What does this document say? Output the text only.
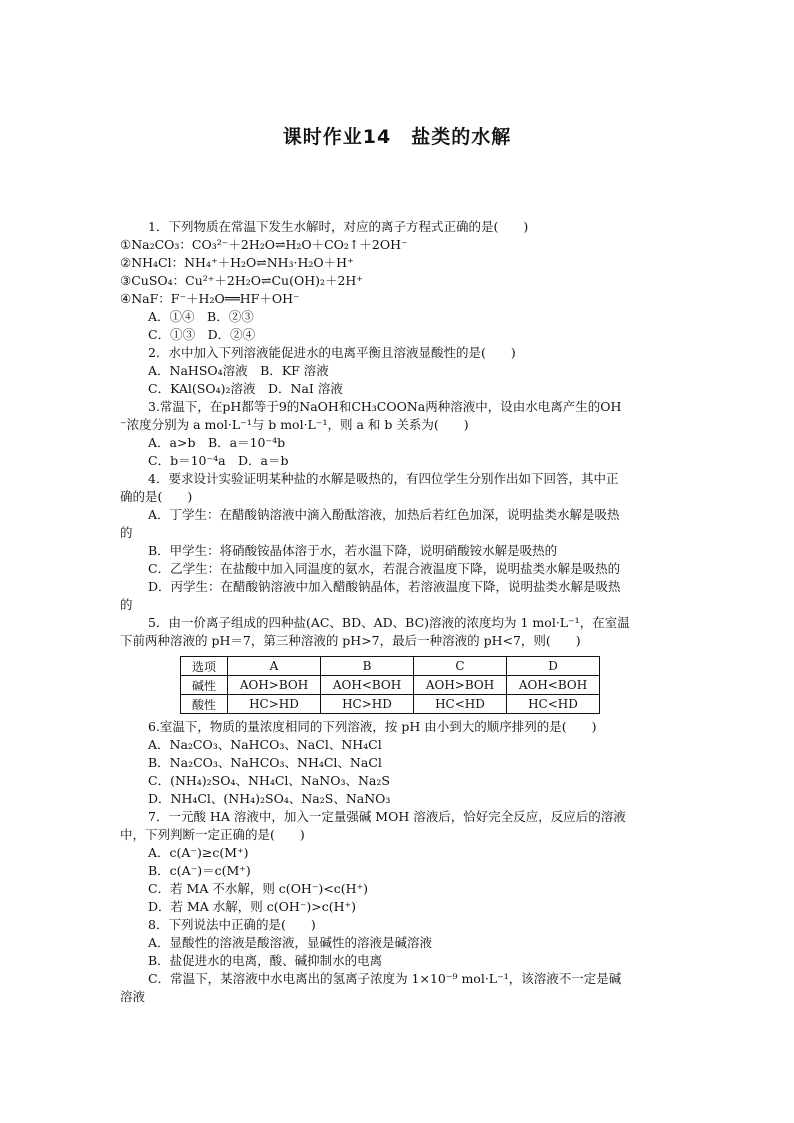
课时作业14　盐类的水解
1．下列物质在常温下发生水解时，对应的离子方程式正确的是(　　)
①Na₂CO₃：CO₃²⁻＋2H₂O⇌H₂O＋CO₂↑＋2OH⁻
②NH₄Cl：NH₄⁺＋H₂O⇌NH₃·H₂O＋H⁺
③CuSO₄：Cu²⁺＋2H₂O⇌Cu(OH)₂＋2H⁺
④NaF：F⁻＋H₂O══HF＋OH⁻
A．①④　B．②③
C．①③　D．②④
2．水中加入下列溶液能促进水的电离平衡且溶液显酸性的是(　　)
A．NaHSO₄溶液　B．KF 溶液
C．KAl(SO₄)₂溶液　D．NaI 溶液
3.常温下，在pH都等于9的NaOH和CH₃COONa两种溶液中，设由水电离产生的OH
⁻浓度分别为 a mol·L⁻¹与 b mol·L⁻¹，则 a 和 b 关系为(　　)
A．a>b　B．a＝10⁻⁴b
C．b＝10⁻⁴a　D．a＝b
4．要求设计实验证明某种盐的水解是吸热的，有四位学生分别作出如下回答，其中正
确的是(　　)
A．丁学生：在醋酸钠溶液中滴入酚酞溶液，加热后若红色加深，说明盐类水解是吸热
的
B．甲学生：将硝酸铵晶体溶于水，若水温下降，说明硝酸铵水解是吸热的
C．乙学生：在盐酸中加入同温度的氨水，若混合液温度下降，说明盐类水解是吸热的
D．丙学生：在醋酸钠溶液中加入醋酸钠晶体，若溶液温度下降，说明盐类水解是吸热
的
5．由一价离子组成的四种盐(AC、BD、AD、BC)溶液的浓度均为 1 mol·L⁻¹，在室温
下前两种溶液的 pH＝7，第三种溶液的 pH>7，最后一种溶液的 pH<7，则(　　)
选项	A	B	C	D
碱性	AOH>BOH	AOH<BOH	AOH>BOH	AOH<BOH
酸性	HC>HD	HC>HD	HC<HD	HC<HD
6.室温下，物质的量浓度相同的下列溶液，按 pH 由小到大的顺序排列的是(　　)
A．Na₂CO₃、NaHCO₃、NaCl、NH₄Cl
B．Na₂CO₃、NaHCO₃、NH₄Cl、NaCl
C．(NH₄)₂SO₄、NH₄Cl、NaNO₃、Na₂S
D．NH₄Cl、(NH₄)₂SO₄、Na₂S、NaNO₃
7．一元酸 HA 溶液中，加入一定量强碱 MOH 溶液后，恰好完全反应，反应后的溶液
中，下列判断一定正确的是(　　)
A．c(A⁻)≥c(M⁺)
B．c(A⁻)＝c(M⁺)
C．若 MA 不水解，则 c(OH⁻)<c(H⁺)
D．若 MA 水解，则 c(OH⁻)>c(H⁺)
8．下列说法中正确的是(　　)
A．显酸性的溶液是酸溶液，显碱性的溶液是碱溶液
B．盐促进水的电离，酸、碱抑制水的电离
C．常温下，某溶液中水电离出的氢离子浓度为 1×10⁻⁹ mol·L⁻¹，该溶液不一定是碱
溶液
